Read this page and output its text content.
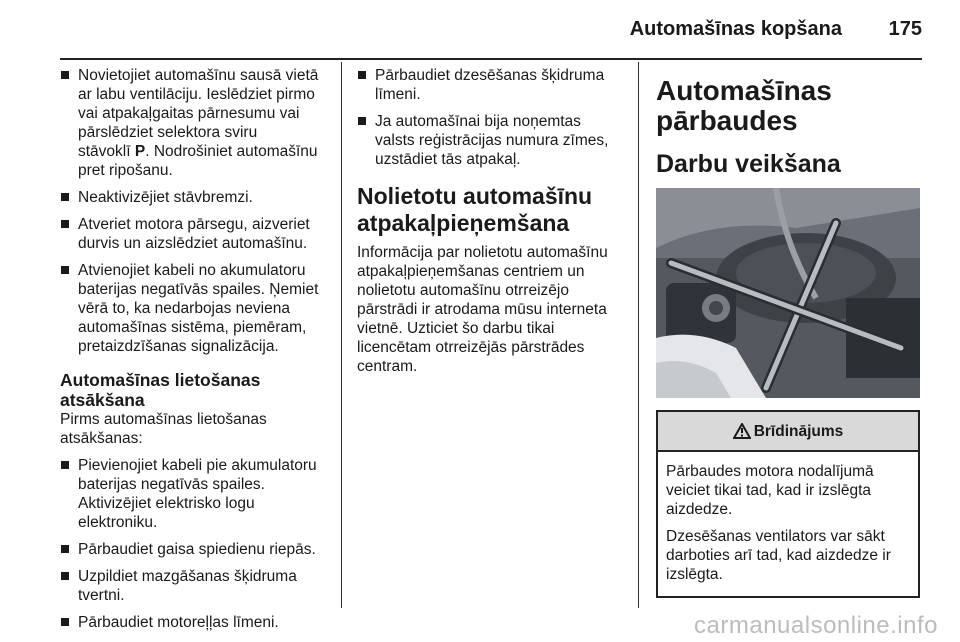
Automašīnas kopšana 175
Novietojiet automašīnu sausā vietā
ar labu ventilāciju. Ieslēdziet pirmo
vai atpakaļgaitas pārnesumu vai
pārslēdziet selektora sviru
stāvoklī P. Nodrošiniet automašīnu
pret ripošanu.
Neaktivizējiet stāvbremzi.
Atveriet motora pārsegu, aizveriet
durvis un aizslēdziet automašīnu.
Atvienojiet kabeli no akumulatoru
baterijas negatīvās spailes. Ņemiet
vērā to, ka nedarbojas neviena
automašīnas sistēma, piemēram,
pretaizdzīšanas signalizācija.
Automašīnas lietošanas
atsākšana

Pirms automašīnas lietošanas
atsākšanas:

Pievienojiet kabeli pie akumulatoru
baterijas negatīvās spailes.
Aktivizējiet elektrisko logu
elektroniku.
Pārbaudiet gaisa spiedienu riepās.
Uzpildiet mazgāšanas šķidruma
tvertni.
Pārbaudiet motoreļļas līmeni.
Pārbaudiet dzesēšanas šķidruma
līmeni.
Ja automašīnai bija noņemtas
valsts reģistrācijas numura zīmes,
uzstādiet tās atpakaļ.
Nolietotu automašīnu
atpakaļpieņemšana

Informācija par nolietotu automašīnu
atpakaļpieņemšanas centriem un
nolietotu automašīnu otrreizējo
pārstrādi ir atrodama mūsu interneta
vietnē. Uzticiet šo darbu tikai
licencētam otrreizējās pārstrādes
centram.

Automašīnas
pārbaudes
Darbu veikšana
Brīdinājums

Pārbaudes motora nodalījumā
veiciet tikai tad, kad ir izslēgta
aizdedze.

Dzesēšanas ventilators var sākt
darboties arī tad, kad aizdedze ir
izslēgta.

carmanualsonline.info
